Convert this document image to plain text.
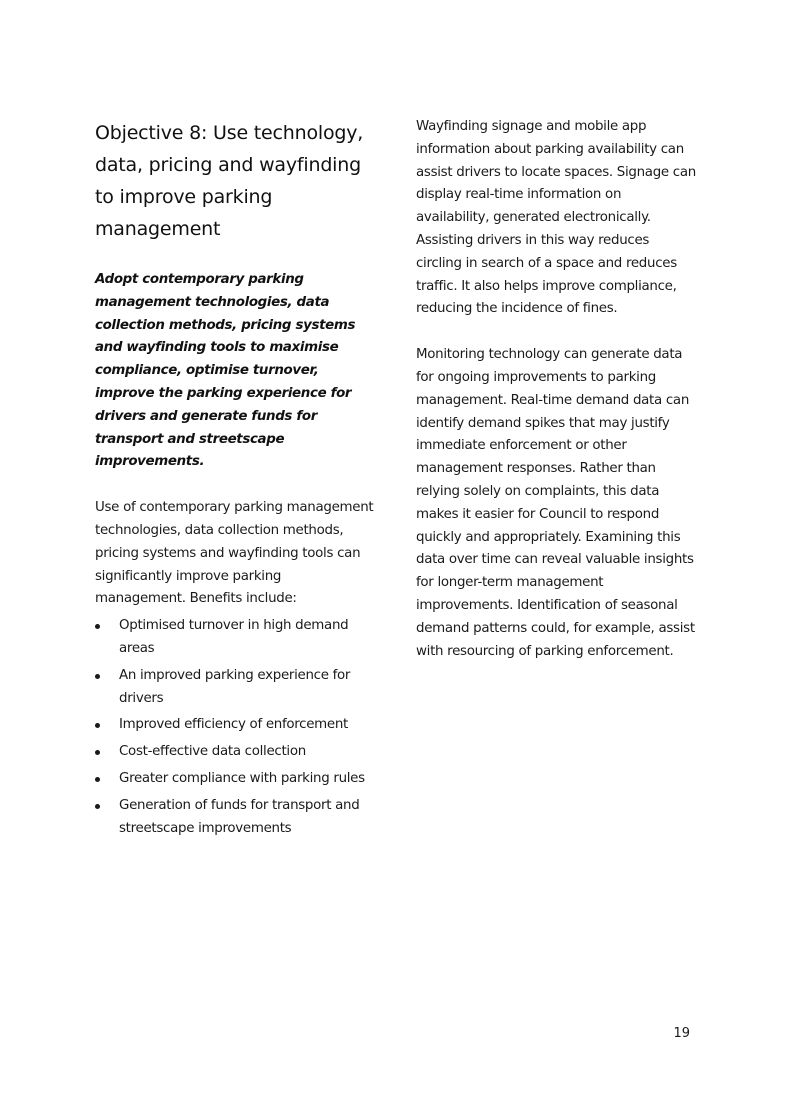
Objective 8: Use technology, data, pricing and wayfinding to improve parking management

Adopt contemporary parking management technologies, data collection methods, pricing systems and wayfinding tools to maximise compliance, optimise turnover, improve the parking experience for drivers and generate funds for transport and streetscape improvements.

Use of contemporary parking management technologies, data collection methods, pricing systems and wayfinding tools can significantly improve parking management. Benefits include:

Optimised turnover in high demand areas
An improved parking experience for drivers
Improved efficiency of enforcement
Cost-effective data collection
Greater compliance with parking rules
Generation of funds for transport and streetscape improvements

Wayfinding signage and mobile app information about parking availability can assist drivers to locate spaces. Signage can display real-time information on availability, generated electronically. Assisting drivers in this way reduces circling in search of a space and reduces traffic. It also helps improve compliance, reducing the incidence of fines.

Monitoring technology can generate data for ongoing improvements to parking management. Real-time demand data can identify demand spikes that may justify immediate enforcement or other management responses. Rather than relying solely on complaints, this data makes it easier for Council to respond quickly and appropriately. Examining this data over time can reveal valuable insights for longer-term management improvements. Identification of seasonal demand patterns could, for example, assist with resourcing of parking enforcement.

19
